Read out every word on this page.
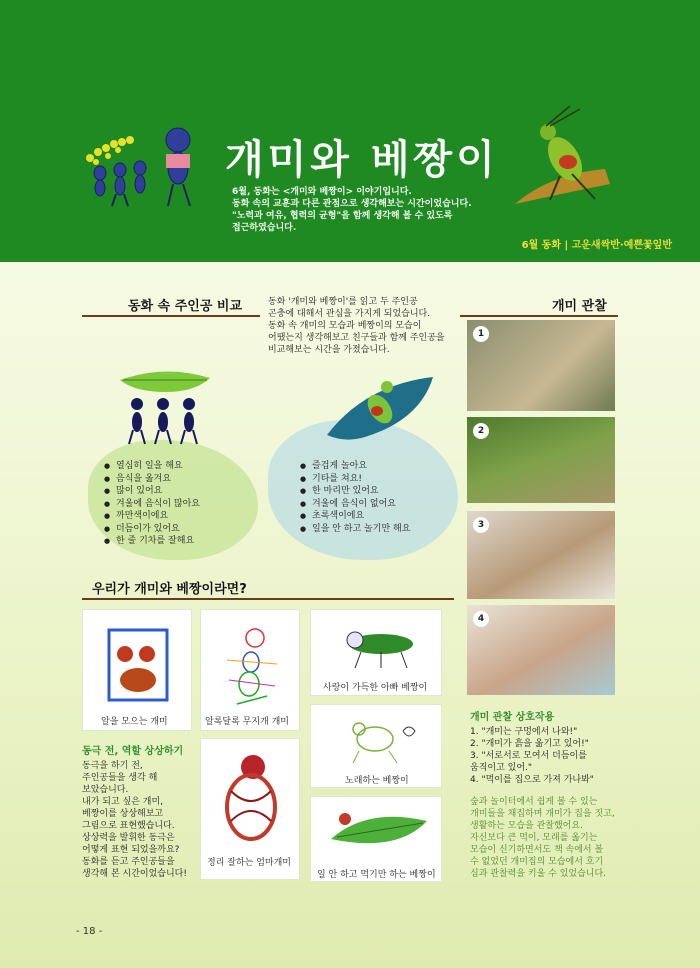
개미와 베짱이
6월, 동화는 <개미와 베짱이> 이야기입니다.
동화 속의 교훈과 다른 관점으로 생각해보는 시간이었습니다.
"노력과 여유, 협력의 균형"을 함께 생각해 볼 수 있도록
접근하였습니다.
6월 동화 | 고운새싹반·예쁜꽃잎반
동화 속 주인공 비교	동화 '개미와 베짱이'를 읽고 두 주인공
곤충에 대해서 관심을 가지게 되었습니다.
동화 속 개미의 모습과 베짱이의 모습이
어땠는지 생각해보고 친구들과 함께 주인공을
비교해보는 시간을 가졌습니다.
● 열심히 일을 해요
● 음식을 옮겨요
● 많이 있어요
● 겨울에 음식이 많아요
● 까만색이에요
● 더듬이가 있어요
● 한 줄 기차를 잘해요
● 즐겁게 놀아요
● 기타를 쳐요!
● 한 마리만 있어요
● 겨울에 음식이 없어요
● 초록색이에요
● 일을 안 하고 놀기만 해요
개미 관찰
1
2
3
4
개미 관찰 상호작용
1. "개미는 구멍에서 나와!"
2. "개미가 흙을 옮기고 있어!"
3. "서로서로 모여서 더듬이를
움직이고 있어."
4. "먹이를 집으로 가져 가나봐"
숲과 놀이터에서 쉽게 볼 수 있는
개미들을 채집하며 개미가 집을 짓고,
생활하는 모습을 관찰했어요.
자신보다 큰 먹이, 모래를 옮기는
모습이 신기하면서도 책 속에서 볼
수 없었던 개미집의 모습에서 호기
심과 관찰력을 키울 수 있었습니다.
우리가 개미와 베짱이라면?
알을 모으는 개미	알록달록 무지개 개미
사랑이 가득한 아빠 베짱이
노래하는 베짱이
정리 잘하는 엄마개미
일 안 하고 먹기만 하는 베짱이
동극 전, 역할 상상하기
동극을 하기 전,
주인공들을 생각 해
보았습니다.
내가 되고 싶은 개미,
베짱이를 상상해보고
그림으로 표현했습니다.
상상력을 발휘한 동극은
어떻게 표현 되었을까요?
동화를 듣고 주인공들을
생각해 본 시간이었습니다!
- 18 -
